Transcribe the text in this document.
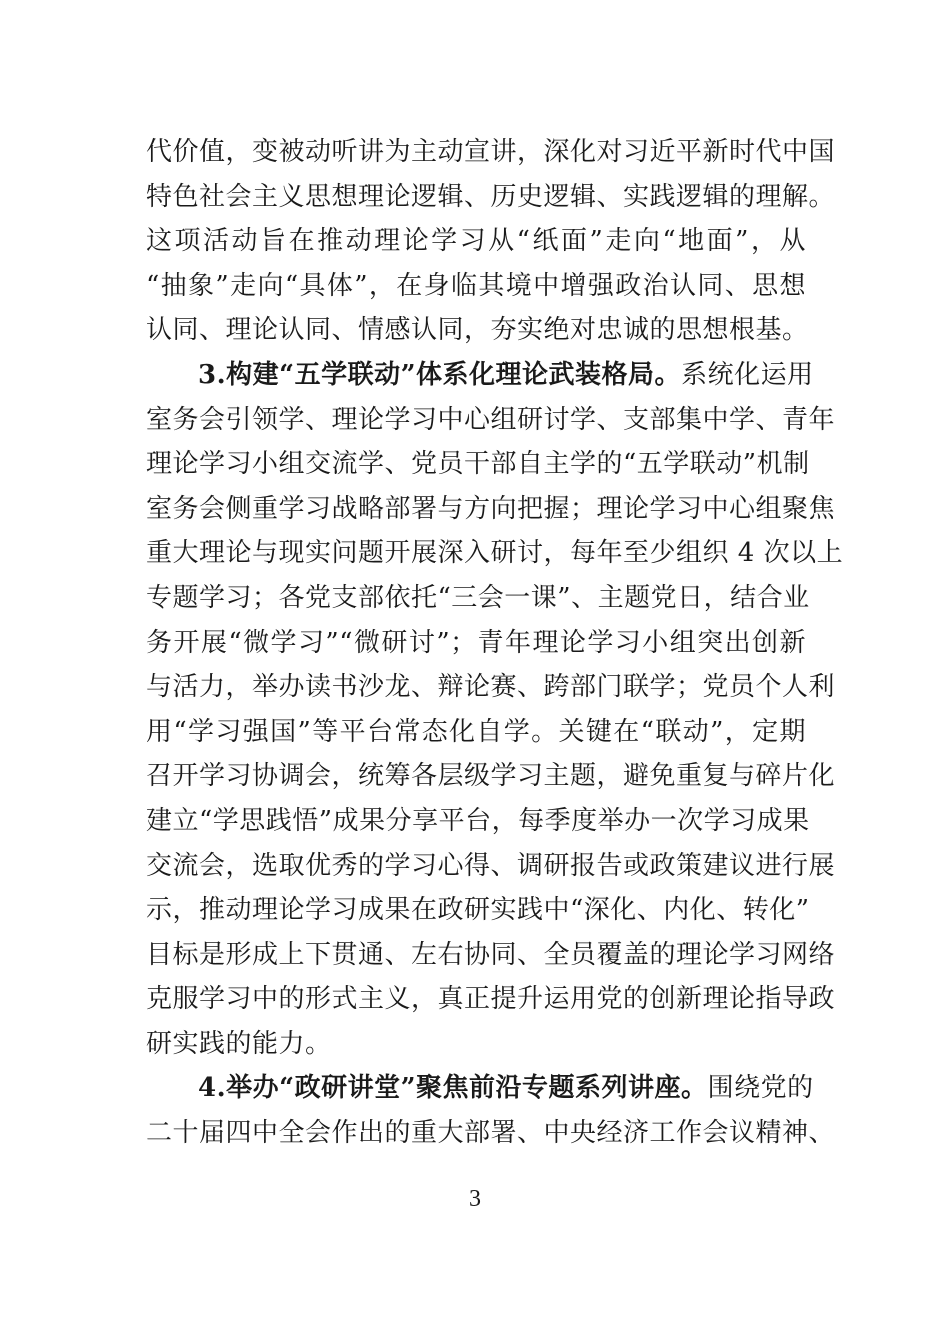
代价值，变被动听讲为主动宣讲，深化对习近平新时代中国
特色社会主义思想理论逻辑、历史逻辑、实践逻辑的理解。
这项活动旨在推动理论学习从“纸面”走向“地面”，从
“抽象”走向“具体”，在身临其境中增强政治认同、思想
认同、理论认同、情感认同，夯实绝对忠诚的思想根基。
3.构建“五学联动”体系化理论武装格局。系统化运用
室务会引领学、理论学习中心组研讨学、支部集中学、青年
理论学习小组交流学、党员干部自主学的“五学联动”机制
室务会侧重学习战略部署与方向把握；理论学习中心组聚焦
重大理论与现实问题开展深入研讨，每年至少组织 4 次以上
专题学习；各党支部依托“三会一课”、主题党日，结合业
务开展“微学习”“微研讨”；青年理论学习小组突出创新
与活力，举办读书沙龙、辩论赛、跨部门联学；党员个人利
用“学习强国”等平台常态化自学。关键在“联动”，定期
召开学习协调会，统筹各层级学习主题，避免重复与碎片化
建立“学思践悟”成果分享平台，每季度举办一次学习成果
交流会，选取优秀的学习心得、调研报告或政策建议进行展
示，推动理论学习成果在政研实践中“深化、内化、转化”
目标是形成上下贯通、左右协同、全员覆盖的理论学习网络
克服学习中的形式主义，真正提升运用党的创新理论指导政
研实践的能力。
4.举办“政研讲堂”聚焦前沿专题系列讲座。围绕党的
二十届四中全会作出的重大部署、中央经济工作会议精神、
3
